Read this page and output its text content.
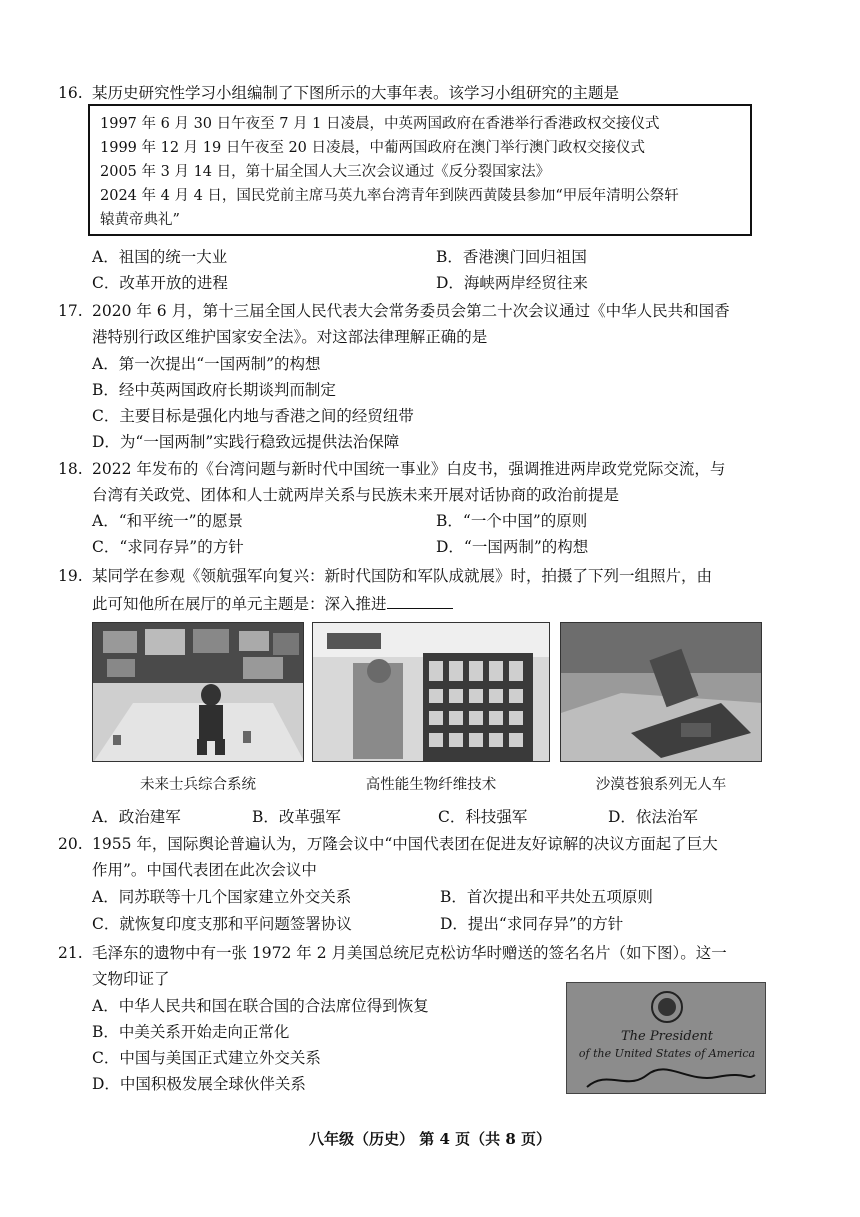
16. 某历史研究性学习小组编制了下图所示的大事年表。该学习小组研究的主题是
1997 年 6 月 30 日午夜至 7 月 1 日凌晨，中英两国政府在香港举行香港政权交接仪式
1999 年 12 月 19 日午夜至 20 日凌晨，中葡两国政府在澳门举行澳门政权交接仪式
2005 年 3 月 14 日，第十届全国人大三次会议通过《反分裂国家法》
2024 年 4 月 4 日，国民党前主席马英九率台湾青年到陕西黄陵县参加“甲辰年清明公祭轩
辕黄帝典礼”
A．祖国的统一大业	B．香港澳门回归祖国
C．改革开放的进程	D．海峡两岸经贸往来
17. 2020 年 6 月，第十三届全国人民代表大会常务委员会第二十次会议通过《中华人民共和国香
港特别行政区维护国家安全法》。对这部法律理解正确的是
A．第一次提出“一国两制”的构想
B．经中英两国政府长期谈判而制定
C．主要目标是强化内地与香港之间的经贸纽带
D．为“一国两制”实践行稳致远提供法治保障
18. 2022 年发布的《台湾问题与新时代中国统一事业》白皮书，强调推进两岸政党党际交流，与
台湾有关政党、团体和人士就两岸关系与民族未来开展对话协商的政治前提是
A．“和平统一”的愿景	B．“一个中国”的原则
C．“求同存异”的方针	D．“一国两制”的构想
19. 某同学在参观《领航强军向复兴：新时代国防和军队成就展》时，拍摄了下列一组照片，由
此可知他所在展厅的单元主题是：深入推进
未来士兵综合系统	高性能生物纤维技术	沙漠苍狼系列无人车
A．政治建军	B．改革强军	C．科技强军	D．依法治军
20. 1955 年，国际舆论普遍认为，万隆会议中“中国代表团在促进友好谅解的决议方面起了巨大
作用”。中国代表团在此次会议中
A．同苏联等十几个国家建立外交关系	B．首次提出和平共处五项原则
C．就恢复印度支那和平问题签署协议	D．提出“求同存异”的方针
21. 毛泽东的遗物中有一张 1972 年 2 月美国总统尼克松访华时赠送的签名名片（如下图）。这一
文物印证了
A．中华人民共和国在联合国的合法席位得到恢复
B．中美关系开始走向正常化
C．中国与美国正式建立外交关系
D．中国积极发展全球伙伴关系
The President
of the United States of America
八年级（历史） 第 4 页（共 8 页）
